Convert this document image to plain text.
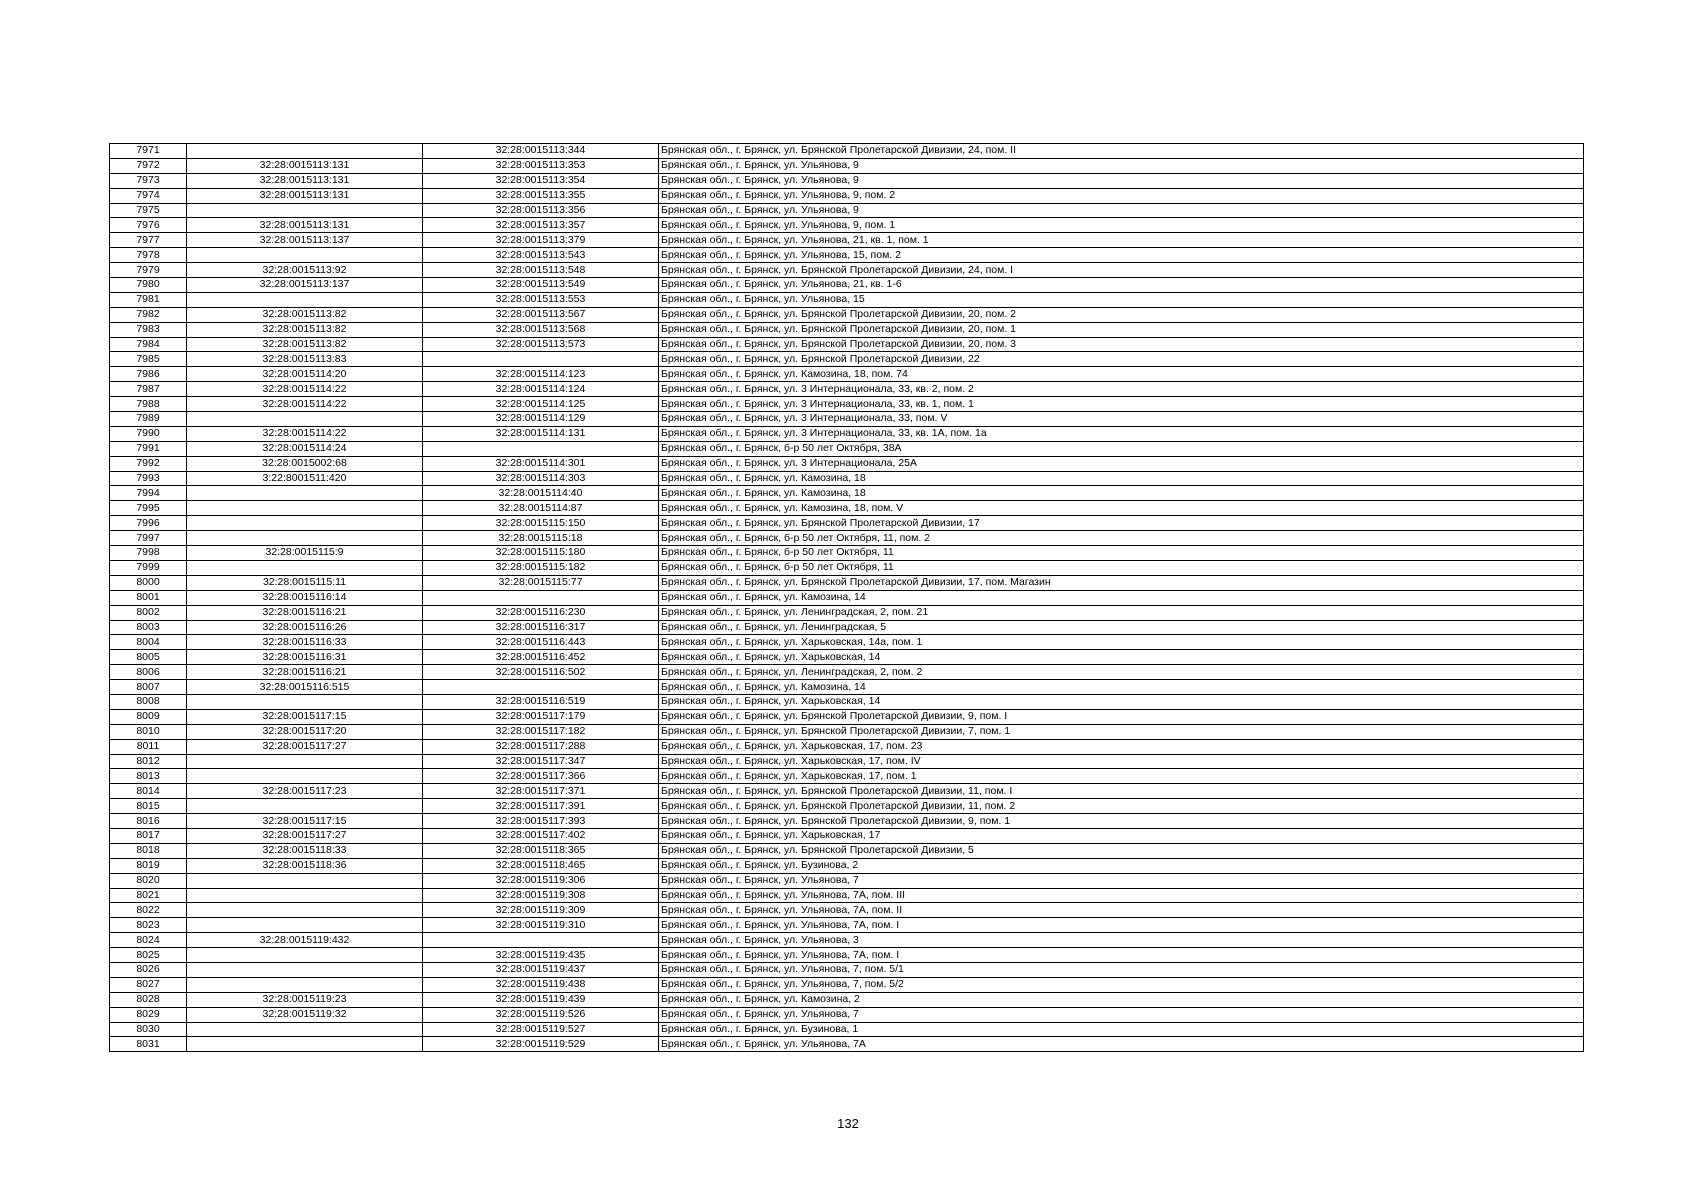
7971		32:28:0015113:344	Брянская обл., г. Брянск, ул. Брянской Пролетарской Дивизии, 24, пом. II
7972	32:28:0015113:131	32:28:0015113:353	Брянская обл., г. Брянск, ул. Ульянова, 9
7973	32:28:0015113:131	32:28:0015113:354	Брянская обл., г. Брянск, ул. Ульянова, 9
7974	32:28:0015113:131	32:28:0015113:355	Брянская обл., г. Брянск, ул. Ульянова, 9, пом. 2
7975		32:28:0015113:356	Брянская обл., г. Брянск, ул. Ульянова, 9
7976	32:28:0015113:131	32:28:0015113:357	Брянская обл., г. Брянск, ул. Ульянова, 9, пом. 1
7977	32:28:0015113:137	32:28:0015113:379	Брянская обл., г. Брянск, ул. Ульянова, 21, кв. 1, пом. 1
7978		32:28:0015113:543	Брянская обл., г. Брянск, ул. Ульянова, 15, пом. 2
7979	32:28:0015113:92	32:28:0015113:548	Брянская обл., г. Брянск, ул. Брянской Пролетарской Дивизии, 24, пом. I
7980	32:28:0015113:137	32:28:0015113:549	Брянская обл., г. Брянск, ул. Ульянова, 21, кв. 1-6
7981		32:28:0015113:553	Брянская обл., г. Брянск, ул. Ульянова, 15
7982	32:28:0015113:82	32:28:0015113:567	Брянская обл., г. Брянск, ул. Брянской Пролетарской Дивизии, 20, пом. 2
7983	32:28:0015113:82	32:28:0015113:568	Брянская обл., г. Брянск, ул. Брянской Пролетарской Дивизии, 20, пом. 1
7984	32:28:0015113:82	32:28:0015113:573	Брянская обл., г. Брянск, ул. Брянской Пролетарской Дивизии, 20, пом. 3
7985	32:28:0015113:83		Брянская обл., г. Брянск, ул. Брянской Пролетарской Дивизии, 22
7986	32:28:0015114:20	32:28:0015114:123	Брянская обл., г. Брянск, ул. Камозина, 18, пом. 74
7987	32:28:0015114:22	32:28:0015114:124	Брянская обл., г. Брянск, ул. 3 Интернационала, 33, кв. 2, пом. 2
7988	32:28:0015114:22	32:28:0015114:125	Брянская обл., г. Брянск, ул. 3 Интернационала, 33, кв. 1, пом. 1
7989		32:28:0015114:129	Брянская обл., г. Брянск, ул. 3 Интернационала, 33, пом. V
7990	32:28:0015114:22	32:28:0015114:131	Брянская обл., г. Брянск, ул. 3 Интернационала, 33, кв. 1А, пом. 1а
7991	32:28:0015114:24		Брянская обл., г. Брянск, б-р 50 лет Октября, 38А
7992	32:28:0015002:68	32:28:0015114:301	Брянская обл., г. Брянск, ул. 3 Интернационала, 25А
7993	3:22:8001511:420	32:28:0015114:303	Брянская обл., г. Брянск, ул. Камозина, 18
7994		32:28:0015114:40	Брянская обл., г. Брянск, ул. Камозина, 18
7995		32:28:0015114:87	Брянская обл., г. Брянск, ул. Камозина, 18, пом. V
7996		32:28:0015115:150	Брянская обл., г. Брянск, ул. Брянской Пролетарской Дивизии, 17
7997		32:28:0015115:18	Брянская обл., г. Брянск, б-р 50 лет Октября, 11, пом. 2
7998	32:28:0015115:9	32:28:0015115:180	Брянская обл., г. Брянск, б-р 50 лет Октября, 11
7999		32:28:0015115:182	Брянская обл., г. Брянск, б-р 50 лет Октября, 11
8000	32:28:0015115:11	32:28:0015115:77	Брянская обл., г. Брянск, ул. Брянской Пролетарской Дивизии, 17, пом. Магазин
8001	32:28:0015116:14		Брянская обл., г. Брянск, ул. Камозина, 14
8002	32:28:0015116:21	32:28:0015116:230	Брянская обл., г. Брянск, ул. Ленинградская, 2, пом. 21
8003	32:28:0015116:26	32:28:0015116:317	Брянская обл., г. Брянск, ул. Ленинградская, 5
8004	32:28:0015116:33	32:28:0015116:443	Брянская обл., г. Брянск, ул. Харьковская, 14а, пом. 1
8005	32:28:0015116:31	32:28:0015116:452	Брянская обл., г. Брянск, ул. Харьковская, 14
8006	32:28:0015116:21	32:28:0015116:502	Брянская обл., г. Брянск, ул. Ленинградская, 2, пом. 2
8007	32:28:0015116:515		Брянская обл., г. Брянск, ул. Камозина, 14
8008		32:28:0015116:519	Брянская обл., г. Брянск, ул. Харьковская, 14
8009	32:28:0015117:15	32:28:0015117:179	Брянская обл., г. Брянск, ул. Брянской Пролетарской Дивизии, 9, пом. I
8010	32:28:0015117:20	32:28:0015117:182	Брянская обл., г. Брянск, ул. Брянской Пролетарской Дивизии, 7, пом. 1
8011	32:28:0015117:27	32:28:0015117:288	Брянская обл., г. Брянск, ул. Харьковская, 17, пом. 23
8012		32:28:0015117:347	Брянская обл., г. Брянск, ул. Харьковская, 17, пом. IV
8013		32:28:0015117:366	Брянская обл., г. Брянск, ул. Харьковская, 17, пом. 1
8014	32:28:0015117:23	32:28:0015117:371	Брянская обл., г. Брянск, ул. Брянской Пролетарской Дивизии, 11, пом. I
8015		32:28:0015117:391	Брянская обл., г. Брянск, ул. Брянской Пролетарской Дивизии, 11, пом. 2
8016	32:28:0015117:15	32:28:0015117:393	Брянская обл., г. Брянск, ул. Брянской Пролетарской Дивизии, 9, пом. 1
8017	32:28:0015117:27	32:28:0015117:402	Брянская обл., г. Брянск, ул. Харьковская, 17
8018	32:28:0015118:33	32:28:0015118:365	Брянская обл., г. Брянск, ул. Брянской Пролетарской Дивизии, 5
8019	32:28:0015118:36	32:28:0015118:465	Брянская обл., г. Брянск, ул. Бузинова, 2
8020		32:28:0015119:306	Брянская обл., г. Брянск, ул. Ульянова, 7
8021		32:28:0015119:308	Брянская обл., г. Брянск, ул. Ульянова, 7А, пом. III
8022		32:28:0015119:309	Брянская обл., г. Брянск, ул. Ульянова, 7А, пом. II
8023		32:28:0015119:310	Брянская обл., г. Брянск, ул. Ульянова, 7А, пом. I
8024	32:28:0015119:432		Брянская обл., г. Брянск, ул. Ульянова, 3
8025		32:28:0015119:435	Брянская обл., г. Брянск, ул. Ульянова, 7А, пом. I
8026		32:28:0015119:437	Брянская обл., г. Брянск, ул. Ульянова, 7, пом. 5/1
8027		32:28:0015119:438	Брянская обл., г. Брянск, ул. Ульянова, 7, пом. 5/2
8028	32:28:0015119:23	32:28:0015119:439	Брянская обл., г. Брянск, ул. Камозина, 2
8029	32:28:0015119:32	32:28:0015119:526	Брянская обл., г. Брянск, ул. Ульянова, 7
8030		32:28:0015119:527	Брянская обл., г. Брянск, ул. Бузинова, 1
8031		32:28:0015119:529	Брянская обл., г. Брянск, ул. Ульянова, 7А
132
